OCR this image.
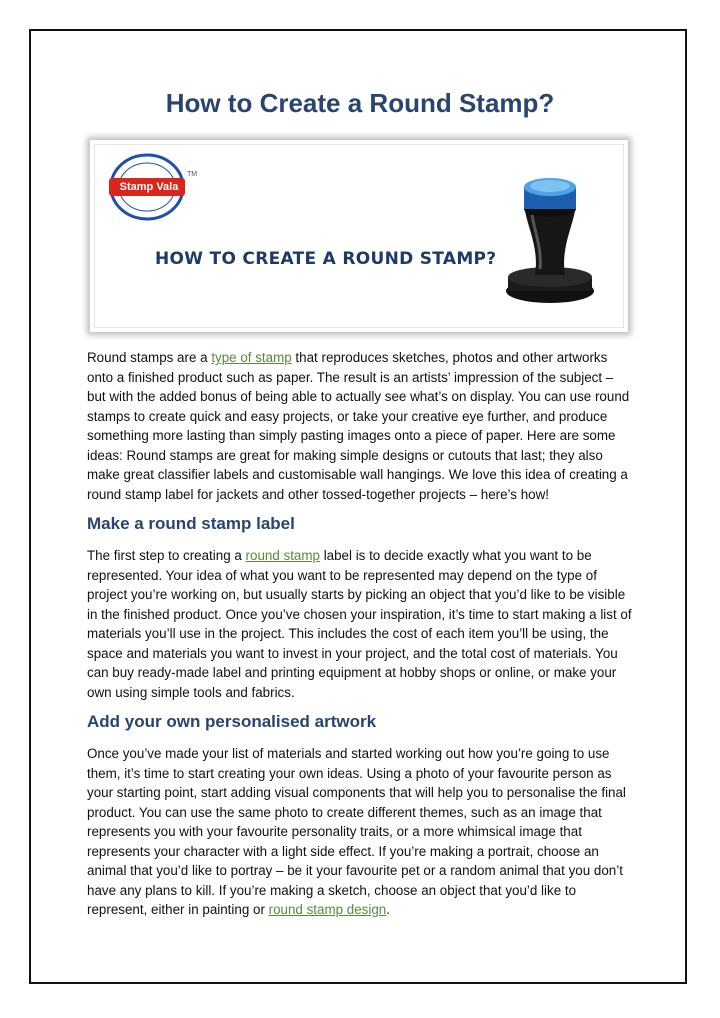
How to Create a Round Stamp?
Stamp Vala
TM
HOW TO CREATE A ROUND STAMP?

Round stamps are a type of stamp that reproduces sketches, photos and other artworks onto a finished product such as paper. The result is an artists’ impression of the subject – but with the added bonus of being able to actually see what’s on display. You can use round stamps to create quick and easy projects, or take your creative eye further, and produce something more lasting than simply pasting images onto a piece of paper. Here are some ideas: Round stamps are great for making simple designs or cutouts that last; they also make great classifier labels and customisable wall hangings. We love this idea of creating a round stamp label for jackets and other tossed-together projects – here’s how!

Make a round stamp label

The first step to creating a round stamp label is to decide exactly what you want to be represented. Your idea of what you want to be represented may depend on the type of project you’re working on, but usually starts by picking an object that you’d like to be visible in the finished product. Once you’ve chosen your inspiration, it’s time to start making a list of materials you’ll use in the project. This includes the cost of each item you’ll be using, the space and materials you want to invest in your project, and the total cost of materials. You can buy ready-made label and printing equipment at hobby shops or online, or make your own using simple tools and fabrics.

Add your own personalised artwork

Once you’ve made your list of materials and started working out how you’re going to use them, it’s time to start creating your own ideas. Using a photo of your favourite person as your starting point, start adding visual components that will help you to personalise the final product. You can use the same photo to create different themes, such as an image that represents you with your favourite personality traits, or a more whimsical image that represents your character with a light side effect. If you’re making a portrait, choose an animal that you’d like to portray – be it your favourite pet or a random animal that you don’t have any plans to kill. If you’re making a sketch, choose an object that you’d like to represent, either in painting or round stamp design.
